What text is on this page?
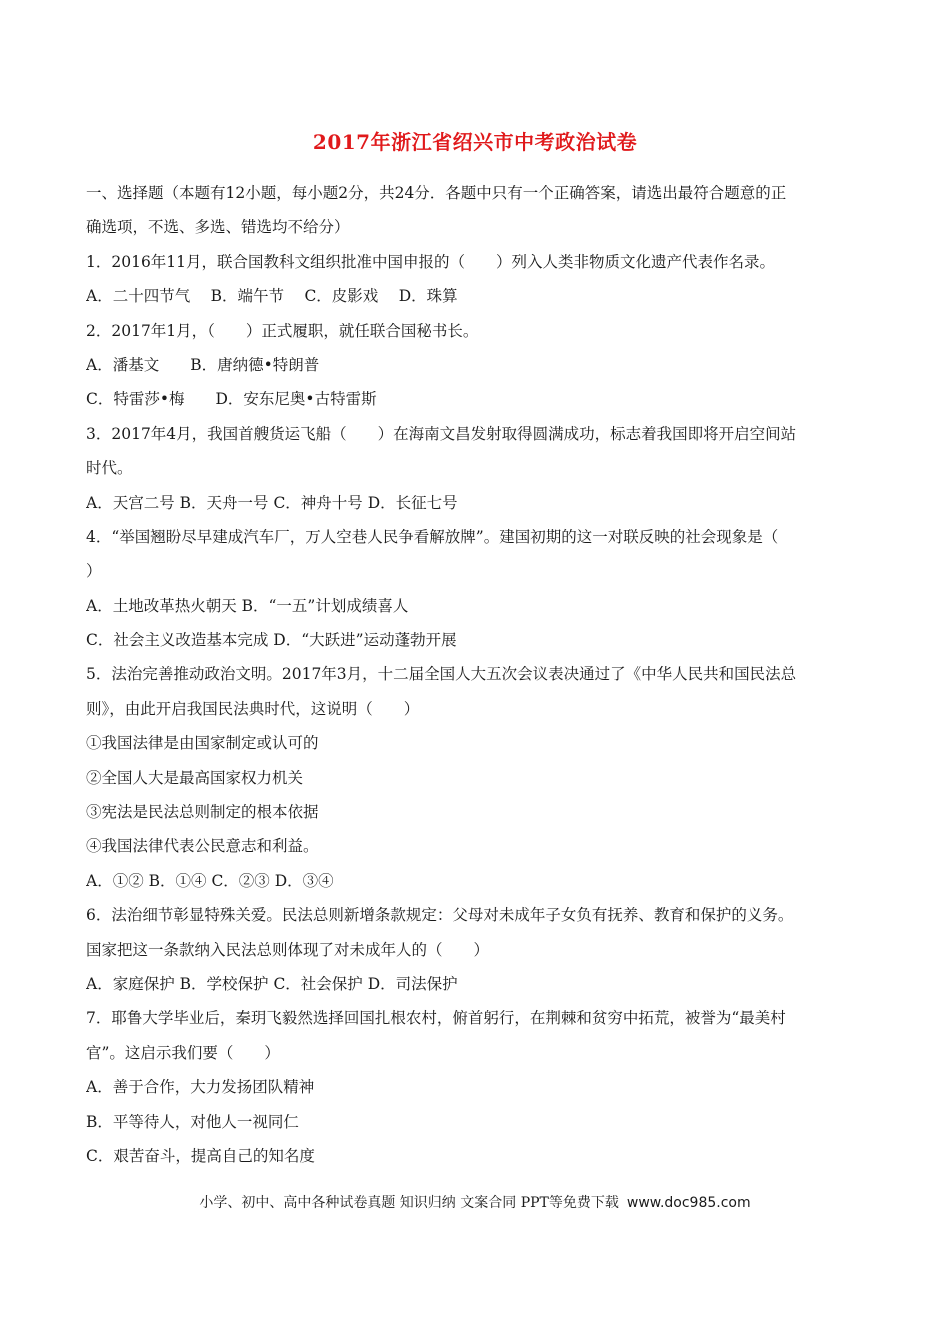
2017年浙江省绍兴市中考政治试卷
一、选择题（本题有12小题，每小题2分，共24分．各题中只有一个正确答案，请选出最符合题意的正
确选项，不选、多选、错选均不给分）
1．2016年11月，联合国教科文组织批准中国申报的（　　）列入人类非物质文化遗产代表作名录。
A．二十四节气　 B．端午节　 C．皮影戏　 D．珠算
2．2017年1月，（　　）正式履职，就任联合国秘书长。
A．潘基文　　B．唐纳德•特朗普
C．特雷莎•梅　　D．安东尼奥•古特雷斯
3．2017年4月，我国首艘货运飞船（　　）在海南文昌发射取得圆满成功，标志着我国即将开启空间站
时代。
A．天宫二号 B．天舟一号 C．神舟十号 D．长征七号
4．“举国翘盼尽早建成汽车厂，万人空巷人民争看解放牌”。建国初期的这一对联反映的社会现象是（
）
A．土地改革热火朝天 B．“一五”计划成绩喜人
C．社会主义改造基本完成 D．“大跃进”运动蓬勃开展
5．法治完善推动政治文明。2017年3月，十二届全国人大五次会议表决通过了《中华人民共和国民法总
则》，由此开启我国民法典时代，这说明（　　）
①我国法律是由国家制定或认可的
②全国人大是最高国家权力机关
③宪法是民法总则制定的根本依据
④我国法律代表公民意志和利益。
A．①② B．①④ C．②③ D．③④
6．法治细节彰显特殊关爱。民法总则新增条款规定：父母对未成年子女负有抚养、教育和保护的义务。
国家把这一条款纳入民法总则体现了对未成年人的（　　）
A．家庭保护 B．学校保护 C．社会保护 D．司法保护
7．耶鲁大学毕业后，秦玥飞毅然选择回国扎根农村，俯首躬行，在荆棘和贫穷中拓荒，被誉为“最美村
官”。这启示我们要（　　）
A．善于合作，大力发扬团队精神
B．平等待人，对他人一视同仁
C．艰苦奋斗，提高自己的知名度
小学、初中、高中各种试卷真题 知识归纳 文案合同 PPT等免费下载 www.doc985.com
